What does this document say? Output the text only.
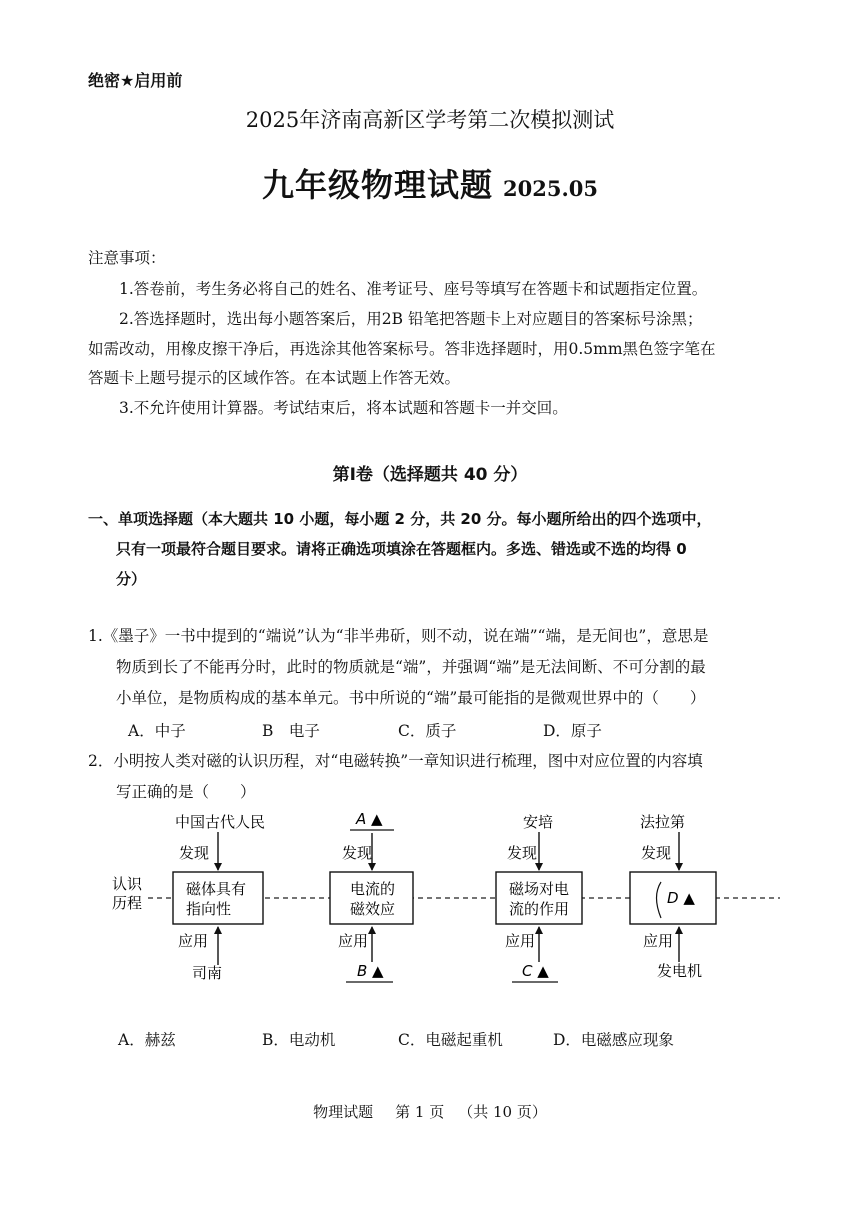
绝密★启用前
2025年济南高新区学考第二次模拟测试
九年级物理试题 2025.05
注意事项：
1.答卷前，考生务必将自己的姓名、准考证号、座号等填写在答题卡和试题指定位置。
2.答选择题时，选出每小题答案后，用2B 铅笔把答题卡上对应题目的答案标号涂黑；
如需改动，用橡皮擦干净后，再选涂其他答案标号。答非选择题时，用0.5mm黑色签字笔在
答题卡上题号提示的区域作答。在本试题上作答无效。
3.不允许使用计算器。考试结束后，将本试题和答题卡一并交回。
第Ⅰ卷（选择题共 40 分）
一、单项选择题（本大题共 10 小题，每小题 2 分，共 20 分。每小题所给出的四个选项中，
只有一项最符合题目要求。请将正确选项填涂在答题框内。多选、错选或不选的均得 0
分）
1.《墨子》一书中提到的“端说”认为“非半弗斫，则不动，说在端”“端，是无间也”，意思是
物质到长了不能再分时，此时的物质就是“端”，并强调“端”是无法间断、不可分割的最
小单位，是物质构成的基本单元。书中所说的“端”最可能指的是微观世界中的（　　）
A．中子	B　电子	C．质子	D．原子
2．小明按人类对磁的认识历程，对“电磁转换”一章知识进行梳理，图中对应位置的内容填
写正确的是（　　）
认识
历程
中国古代人民
发现
磁体具有
指向性
应用
司南
A ▲
发现
电流的
磁效应
应用
B ▲
安培
发现
磁场对电
流的作用
应用
C ▲
法拉第
发现
D ▲
应用
发电机
A．赫兹	B．电动机	C．电磁起重机	D．电磁感应现象
物理试题 第 1 页 （共 10 页）
